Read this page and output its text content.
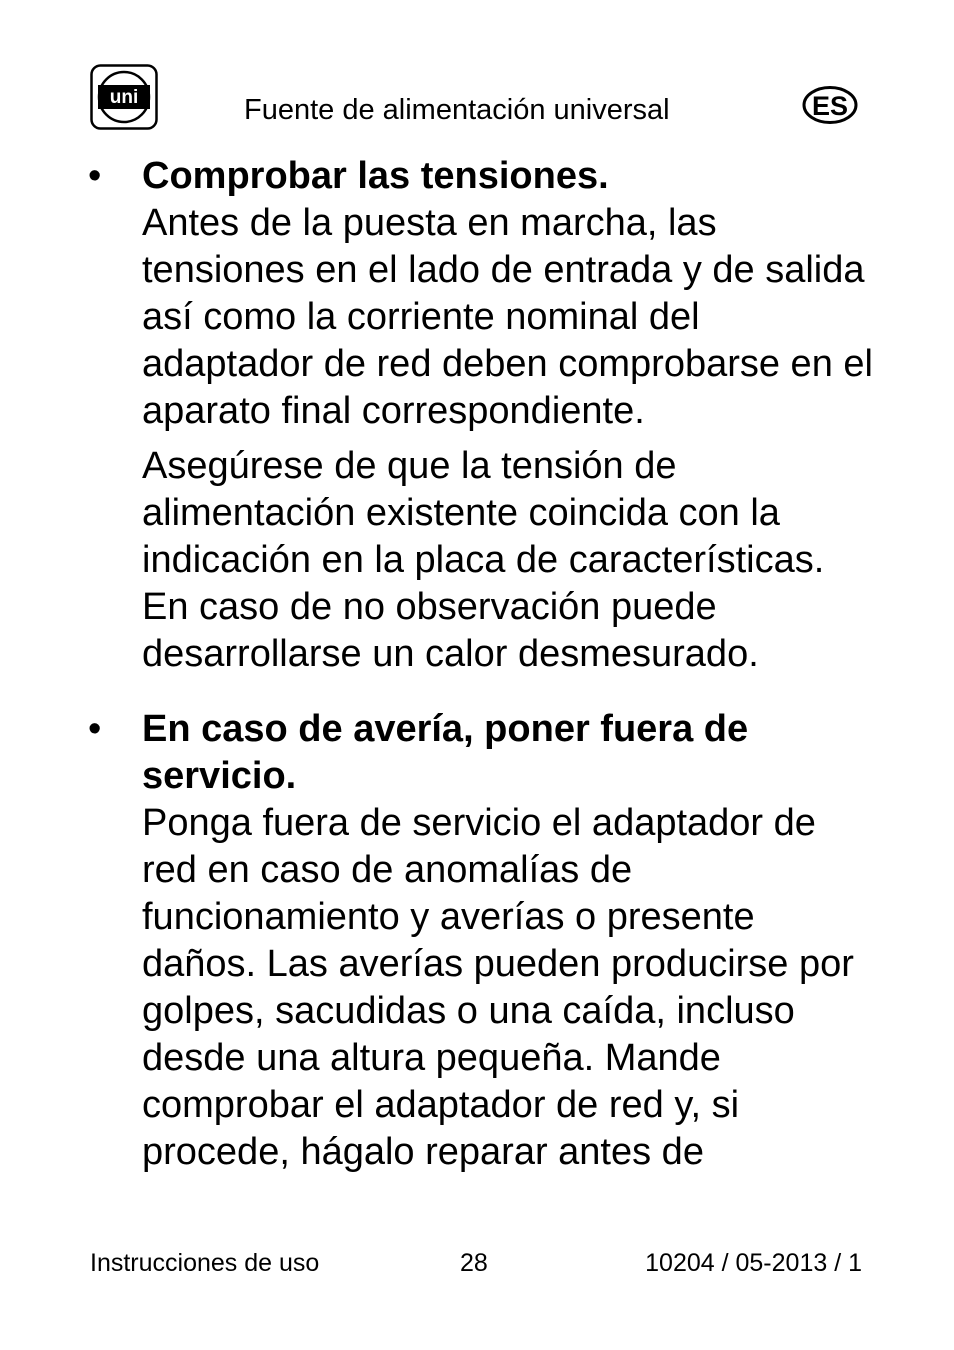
uni	Fuente de alimentación universal	ES
• Comprobar las tensiones.

Antes de la puesta en marcha, las tensiones en el lado de entrada y de salida así como la corriente nominal del adaptador de red deben comprobarse en el aparato final correspondiente.

Asegúrese de que la tensión de alimentación existente coincida con la indicación en la placa de características. En caso de no observación puede desarrollarse un calor desmesurado.

• En caso de avería, poner fuera de servicio.

Ponga fuera de servicio el adaptador de red en caso de anomalías de funcionamiento y averías o presente daños. Las averías pueden producirse por golpes, sacudidas o una caída, incluso desde una altura pequeña. Mande comprobar el adaptador de red y, si procede, hágalo reparar antes de

Instrucciones de uso	28	10204 / 05-2013 / 1
